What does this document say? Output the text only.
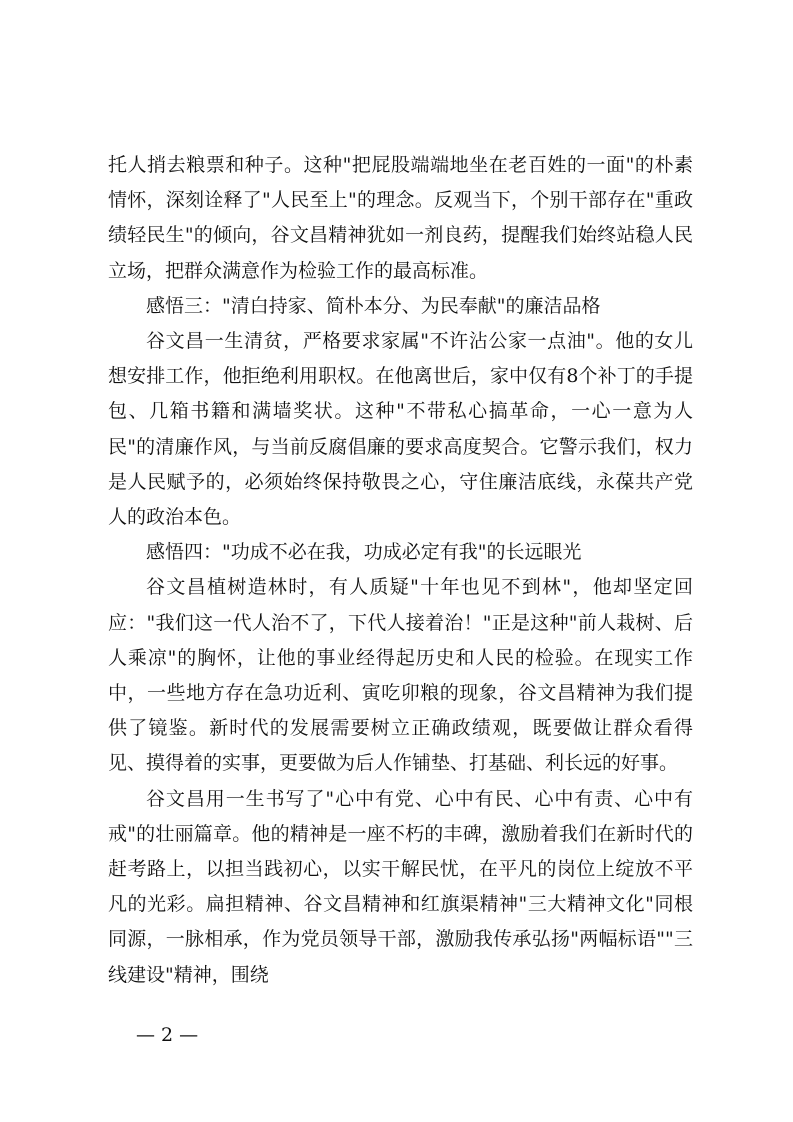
托人捎去粮票和种子。这种"把屁股端端地坐在老百姓的一面"的朴素情怀，深刻诠释了"人民至上"的理念。反观当下，个别干部存在"重政绩轻民生"的倾向，谷文昌精神犹如一剂良药，提醒我们始终站稳人民立场，把群众满意作为检验工作的最高标准。

感悟三："清白持家、简朴本分、为民奉献"的廉洁品格

谷文昌一生清贫，严格要求家属"不许沾公家一点油"。他的女儿想安排工作，他拒绝利用职权。在他离世后，家中仅有8个补丁的手提包、几箱书籍和满墙奖状。这种"不带私心搞革命，一心一意为人民"的清廉作风，与当前反腐倡廉的要求高度契合。它警示我们，权力是人民赋予的，必须始终保持敬畏之心，守住廉洁底线，永葆共产党人的政治本色。

感悟四："功成不必在我，功成必定有我"的长远眼光

谷文昌植树造林时，有人质疑"十年也见不到林"，他却坚定回应："我们这一代人治不了，下代人接着治！"正是这种"前人栽树、后人乘凉"的胸怀，让他的事业经得起历史和人民的检验。在现实工作中，一些地方存在急功近利、寅吃卯粮的现象，谷文昌精神为我们提供了镜鉴。新时代的发展需要树立正确政绩观，既要做让群众看得见、摸得着的实事，更要做为后人作铺垫、打基础、利长远的好事。

谷文昌用一生书写了"心中有党、心中有民、心中有责、心中有戒"的壮丽篇章。他的精神是一座不朽的丰碑，激励着我们在新时代的赶考路上，以担当践初心，以实干解民忧，在平凡的岗位上绽放不平凡的光彩。扁担精神、谷文昌精神和红旗渠精神"三大精神文化"同根同源，一脉相承，作为党员领导干部，激励我传承弘扬"两幅标语""三线建设"精神，围绕

— 2 —
